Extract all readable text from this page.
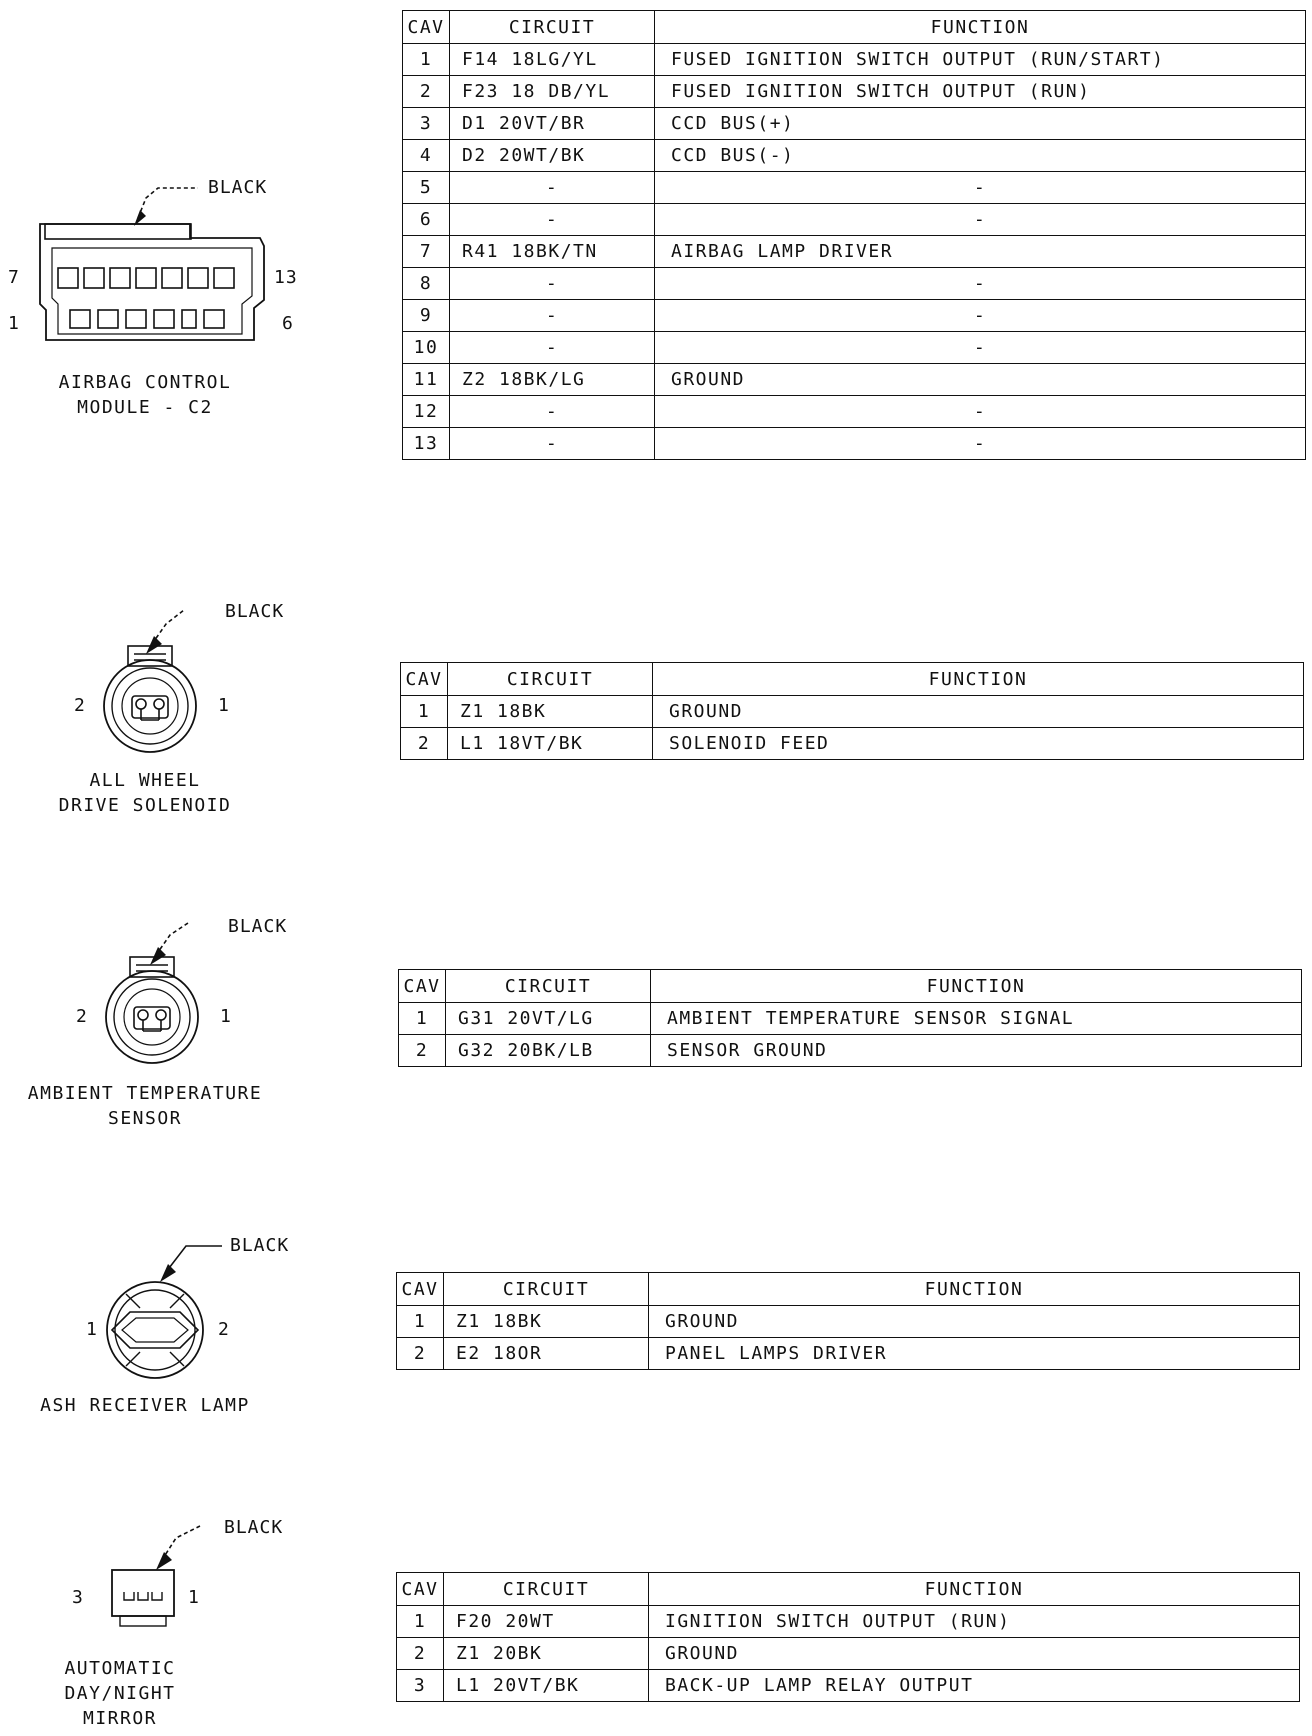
BLACK
7	13
1	6
AIRBAG CONTROL
MODULE - C2
CAV	CIRCUIT	FUNCTION
1	F14 18LG/YL	FUSED IGNITION SWITCH OUTPUT (RUN/START)
2	F23 18 DB/YL	FUSED IGNITION SWITCH OUTPUT (RUN)
3	D1 20VT/BR	CCD BUS(+)
4	D2 20WT/BK	CCD BUS(-)
5	-	-
6	-	-
7	R41 18BK/TN	AIRBAG LAMP DRIVER
8	-	-
9	-	-
10	-	-
11	Z2 18BK/LG	GROUND
12	-	-
13	-	-
BLACK
2	1
ALL WHEEL
DRIVE SOLENOID
CAV	CIRCUIT	FUNCTION
1	Z1 18BK	GROUND
2	L1 18VT/BK	SOLENOID FEED
BLACK
2	1
AMBIENT TEMPERATURE
SENSOR
CAV	CIRCUIT	FUNCTION
1	G31 20VT/LG	AMBIENT TEMPERATURE SENSOR SIGNAL
2	G32 20BK/LB	SENSOR GROUND
BLACK
1	2
ASH RECEIVER LAMP
CAV	CIRCUIT	FUNCTION
1	Z1 18BK	GROUND
2	E2 18OR	PANEL LAMPS DRIVER
BLACK
3	1
AUTOMATIC
DAY/NIGHT
MIRROR
CAV	CIRCUIT	FUNCTION
1	F20 20WT	IGNITION SWITCH OUTPUT (RUN)
2	Z1 20BK	GROUND
3	L1 20VT/BK	BACK-UP LAMP RELAY OUTPUT
